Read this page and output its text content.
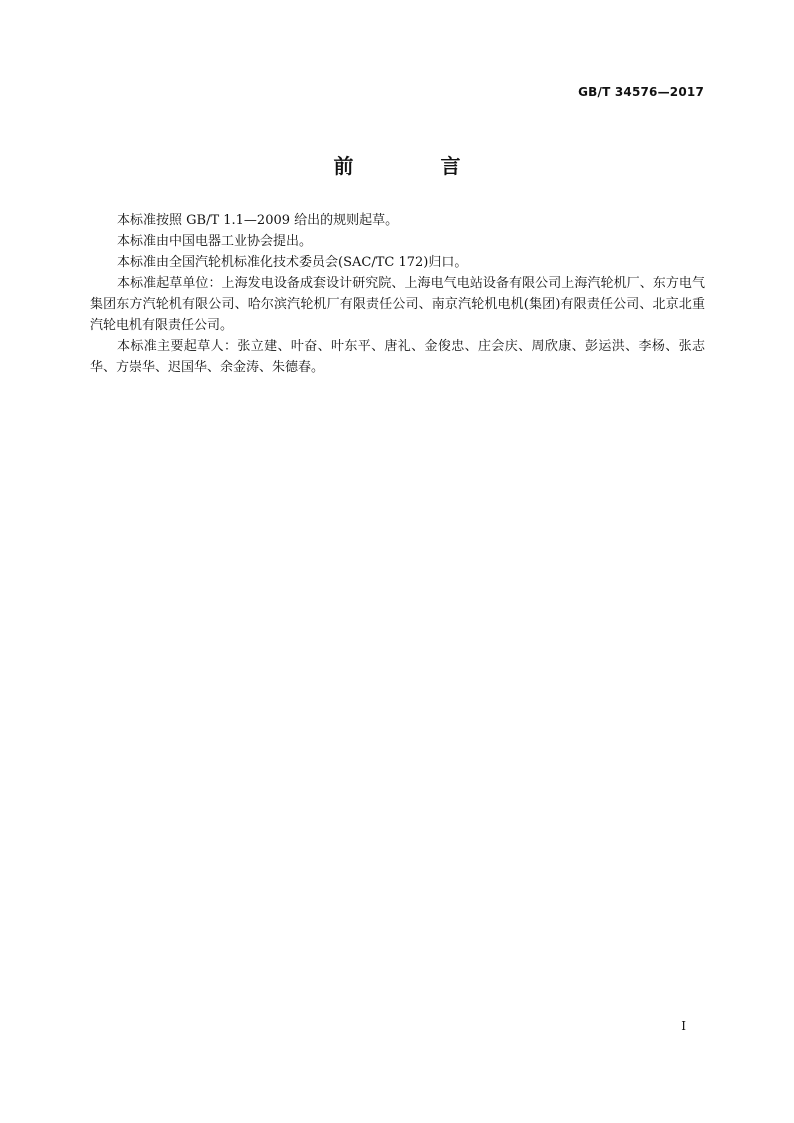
GB/T 34576—2017
前 言

本标准按照 GB/T 1.1—2009 给出的规则起草。

本标准由中国电器工业协会提出。

本标准由全国汽轮机标准化技术委员会(SAC/TC 172)归口。

本标准起草单位：上海发电设备成套设计研究院、上海电气电站设备有限公司上海汽轮机厂、东方电气集团东方汽轮机有限公司、哈尔滨汽轮机厂有限责任公司、南京汽轮机电机(集团)有限责任公司、北京北重汽轮电机有限责任公司。

本标准主要起草人：张立建、叶奋、叶东平、唐礼、金俊忠、庄会庆、周欣康、彭运洪、李杨、张志华、方崇华、迟国华、余金涛、朱德春。

I
